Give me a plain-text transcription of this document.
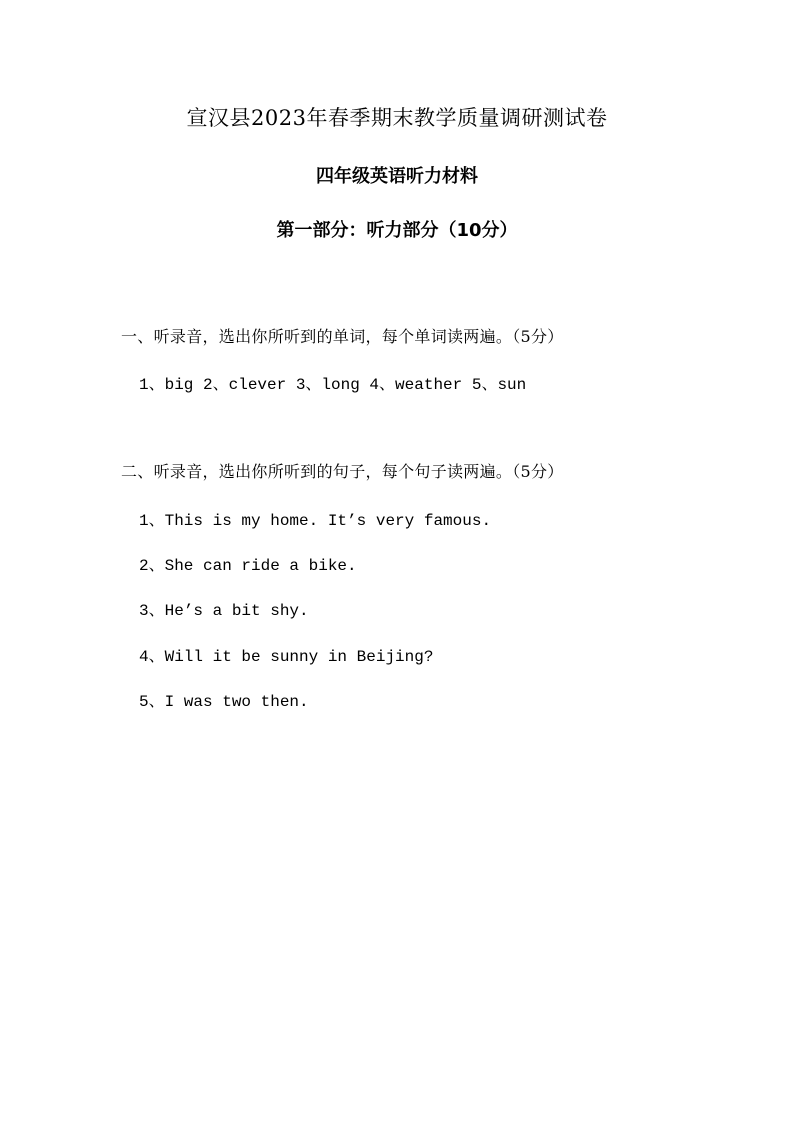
宣汉县2023年春季期末教学质量调研测试卷
四年级英语听力材料
第一部分：听力部分（10分）
一、听录音，选出你所听到的单词，每个单词读两遍。（5分）
1、big 2、clever 3、long 4、weather 5、sun
二、听录音，选出你所听到的句子，每个句子读两遍。（5分）
1、This is my home. It’s very famous.
2、She can ride a bike.
3、He’s a bit shy.
4、Will it be sunny in Beijing?
5、I was two then.
